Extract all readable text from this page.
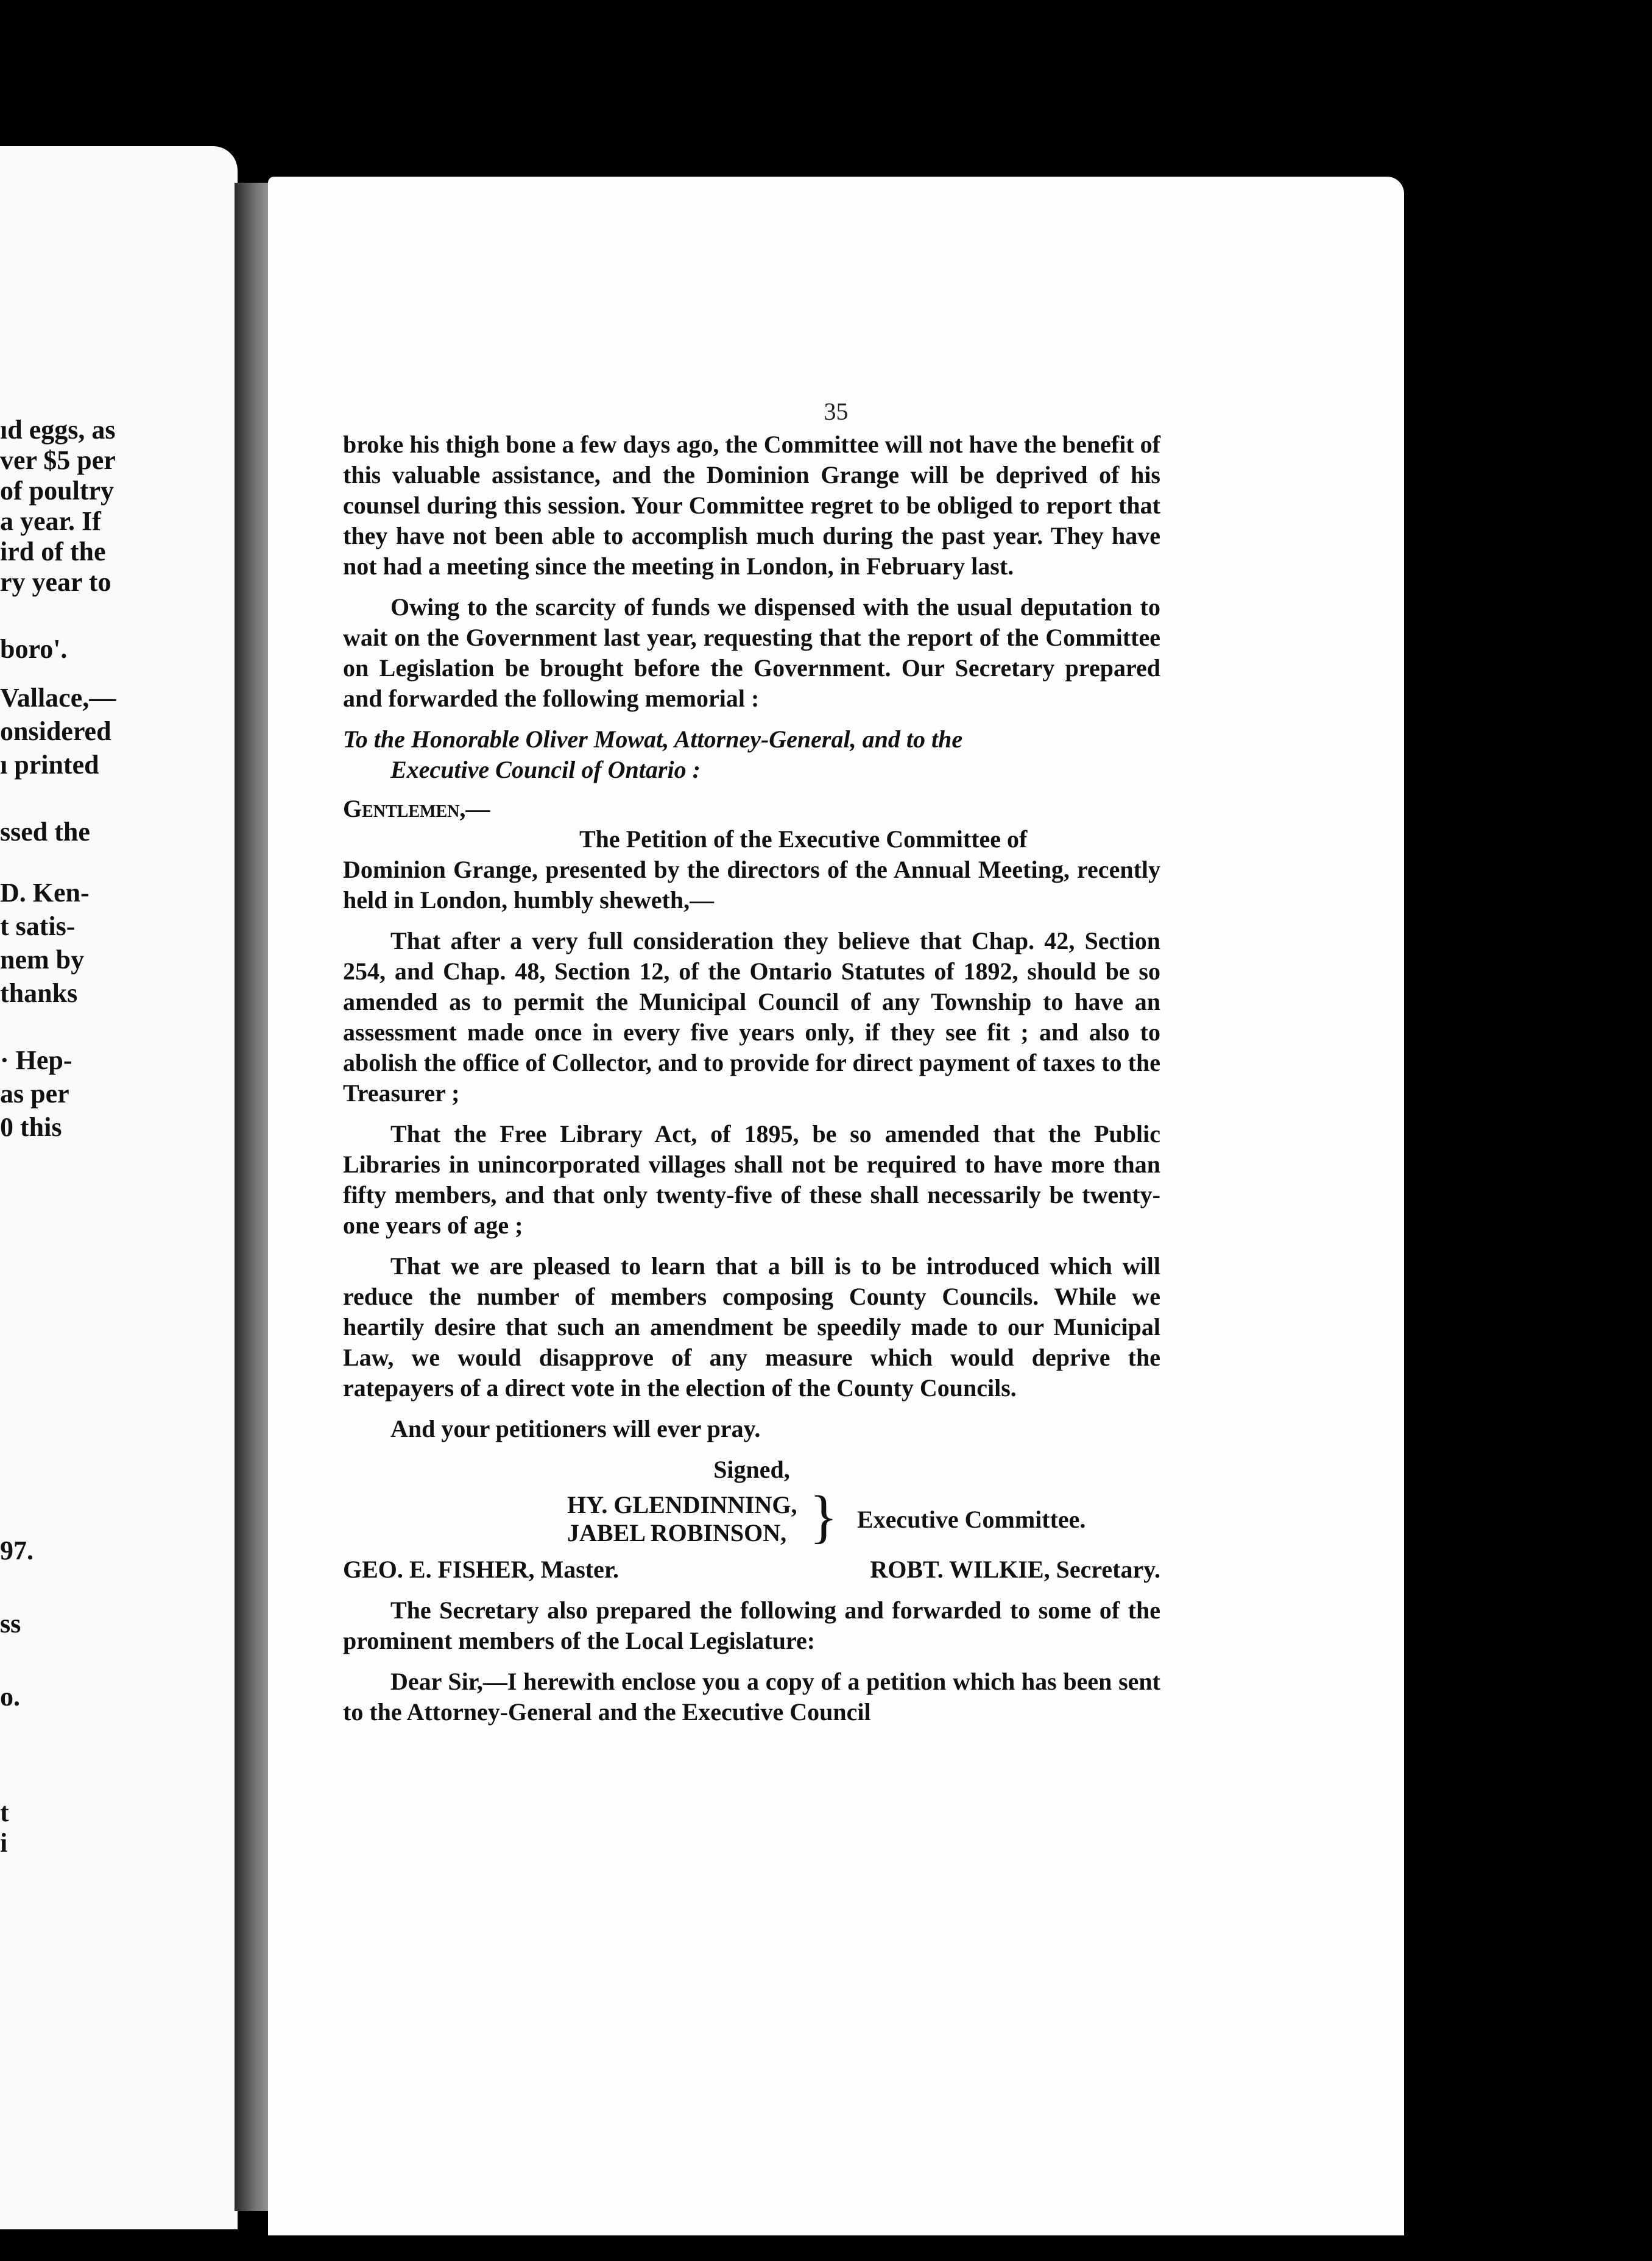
ıd eggs, as
ver $5 per
of poultry
a year. If
ird of the
ry year to
boro'.
Vallace,—
onsidered
ı printed
ssed the
D. Ken-
t satis-
nem by
thanks
· Hep-
as per
0 this
97.
ss
o.
t
i
35

broke his thigh bone a few days ago, the Committee will not have the benefit of this valuable assistance, and the Dominion Grange will be deprived of his counsel during this session. Your Committee regret to be obliged to report that they have not been able to accomplish much during the past year. They have not had a meeting since the meeting in London, in February last.

Owing to the scarcity of funds we dispensed with the usual deputation to wait on the Government last year, requesting that the report of the Committee on Legislation be brought before the Government. Our Secretary prepared and forwarded the following memorial :

To the Honorable Oliver Mowat, Attorney-General, and to the
Executive Council of Ontario :
Gentlemen,—
The Petition of the Executive Committee of
Dominion Grange, presented by the directors of the Annual Meeting, recently held in London, humbly sheweth,—

That after a very full consideration they believe that Chap. 42, Section 254, and Chap. 48, Section 12, of the Ontario Statutes of 1892, should be so amended as to permit the Municipal Council of any Township to have an assessment made once in every five years only, if they see fit ; and also to abolish the office of Collector, and to provide for direct payment of taxes to the Treasurer ;

That the Free Library Act, of 1895, be so amended that the Public Libraries in unincorporated villages shall not be required to have more than fifty members, and that only twenty-five of these shall necessarily be twenty-one years of age ;

That we are pleased to learn that a bill is to be introduced which will reduce the number of members composing County Councils. While we heartily desire that such an amendment be speedily made to our Municipal Law, we would disapprove of any measure which would deprive the ratepayers of a direct vote in the election of the County Councils.

And your petitioners will ever pray.

Signed,
HY. GLENDINNING,
JABEL ROBINSON, } Executive Committee.
GEO. E. FISHER, Master.	ROBT. WILKIE, Secretary.

The Secretary also prepared the following and forwarded to some of the prominent members of the Local Legislature:

Dear Sir,—I herewith enclose you a copy of a petition which has been sent to the Attorney-General and the Executive Council
